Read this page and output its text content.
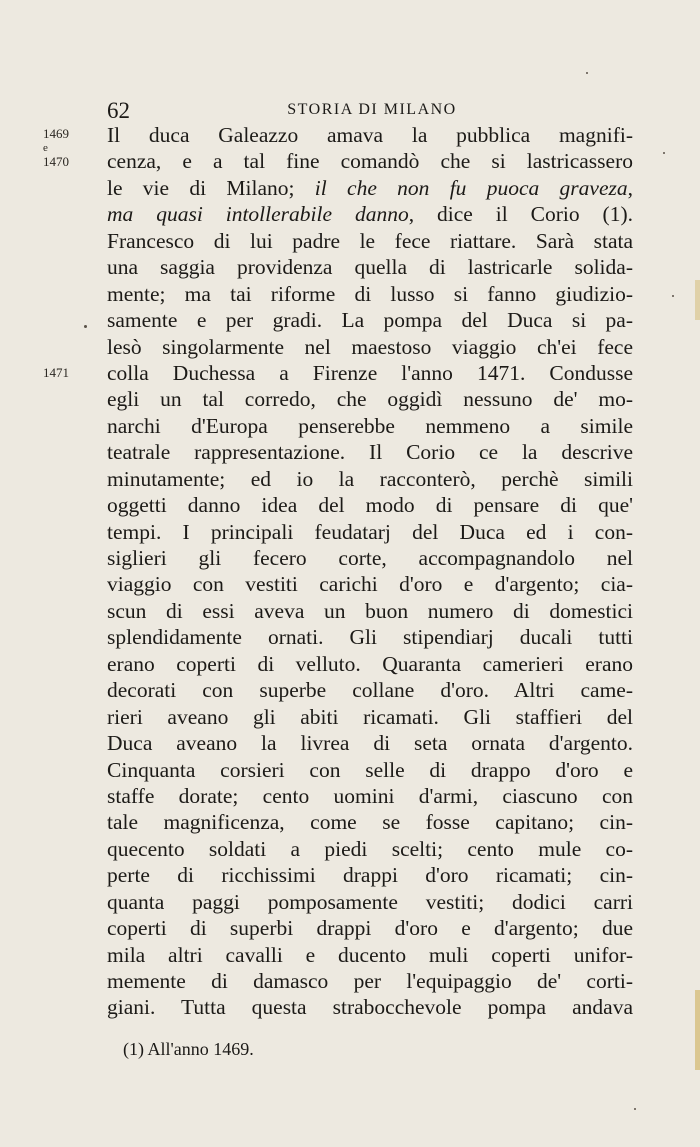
62	STORIA DI MILANO
1469 Il duca Galeazzo amava la pubblica magnifi-
e
1470 cenza, e a tal fine comandò che si lastricassero
le vie di Milano; il che non fu puoca graveza,
ma quasi intollerabile danno, dice il Corio (1).
Francesco di lui padre le fece riattare. Sarà stata
una saggia providenza quella di lastricarle solida-
mente; ma tai riforme di lusso si fanno giudizio-
samente e per gradi. La pompa del Duca si pa-
lesò singolarmente nel maestoso viaggio ch'ei fece
1471 colla Duchessa a Firenze l'anno 1471. Condusse
egli un tal corredo, che oggidì nessuno de' mo-
narchi d'Europa penserebbe nemmeno a simile
teatrale rappresentazione. Il Corio ce la descrive
minutamente; ed io la racconterò, perchè simili
oggetti danno idea del modo di pensare di que'
tempi. I principali feudatarj del Duca ed i con-
siglieri gli fecero corte, accompagnandolo nel
viaggio con vestiti carichi d'oro e d'argento; cia-
scun di essi aveva un buon numero di domestici
splendidamente ornati. Gli stipendiarj ducali tutti
erano coperti di velluto. Quaranta camerieri erano
decorati con superbe collane d'oro. Altri came-
rieri aveano gli abiti ricamati. Gli staffieri del
Duca aveano la livrea di seta ornata d'argento.
Cinquanta corsieri con selle di drappo d'oro e
staffe dorate; cento uomini d'armi, ciascuno con
tale magnificenza, come se fosse capitano; cin-
quecento soldati a piedi scelti; cento mule co-
perte di ricchissimi drappi d'oro ricamati; cin-
quanta paggi pomposamente vestiti; dodici carri
coperti di superbi drappi d'oro e d'argento; due
mila altri cavalli e ducento muli coperti unifor-
memente di damasco per l'equipaggio de' corti-
giani. Tutta questa strabocchevole pompa andava
(1) All'anno 1469.
